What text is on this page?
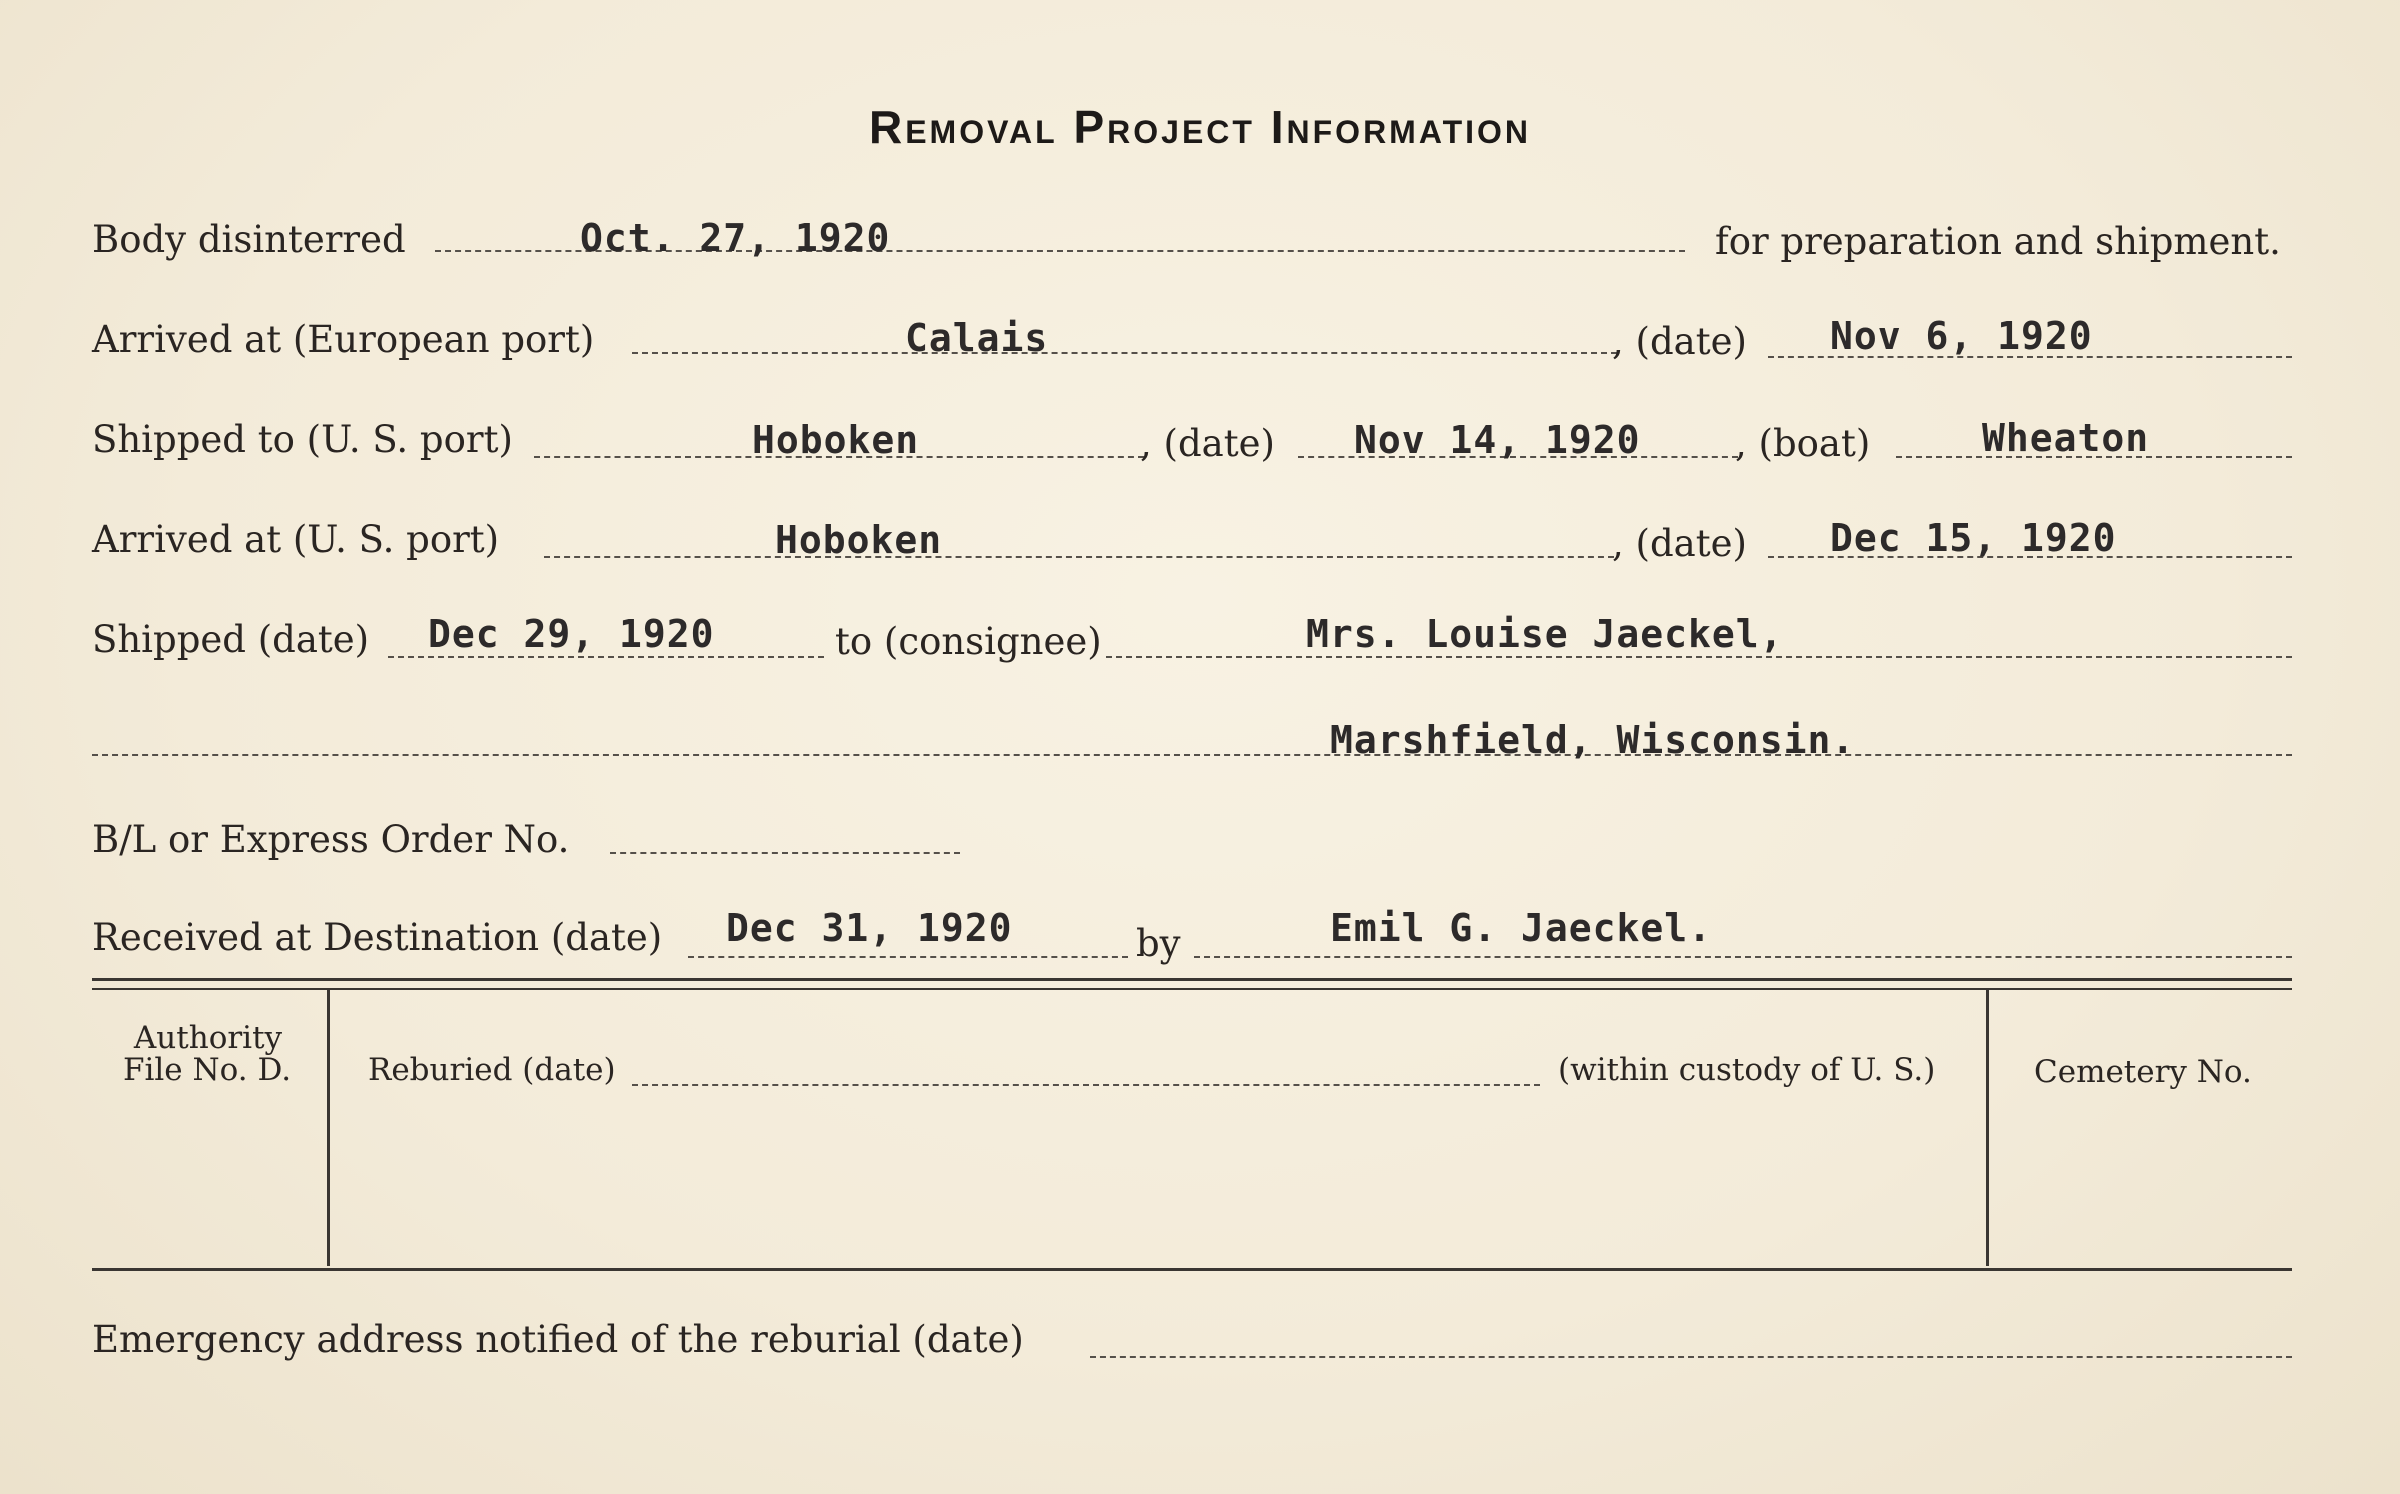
Removal Project Information
Body disinterred	Oct. 27, 1920	for preparation and shipment.
Arrived at (European port)	Calais	, (date) Nov 6, 1920
Shipped to (U. S. port)	Hoboken	, (date) Nov 14, 1920	, (boat)	Wheaton
Arrived at (U. S. port)	Hoboken	, (date) Dec 15, 1920
Shipped (date) Dec 29, 1920	to (consignee)	Mrs. Louise Jaeckel,
Marshfield, Wisconsin.
B/L or Express Order No.
Received at Destination (date) Dec 31, 1920	by	Emil G. Jaeckel.
Authority
File No. D.	Reburied (date)	(within custody of U. S.)	Cemetery No.
Emergency address notified of the reburial (date)
